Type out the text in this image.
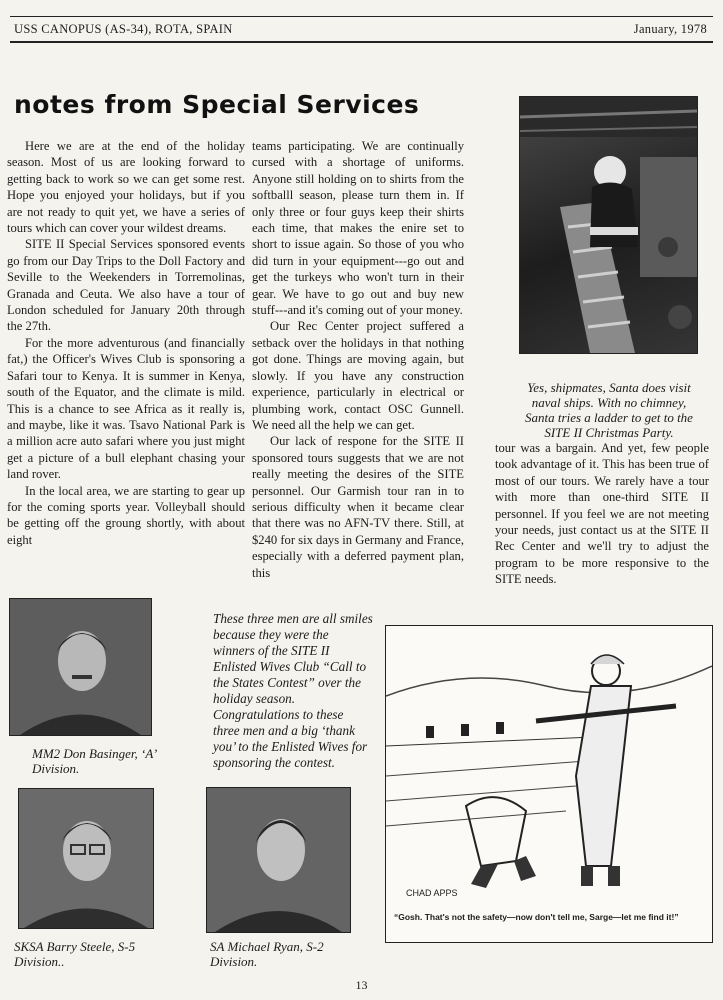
USS CANOPUS (AS-34), ROTA, SPAIN	January, 1978
notes from Special Services

Here we are at the end of the holiday season. Most of us are looking forward to getting back to work so we can get some rest. Hope you enjoyed your holidays, but if you are not ready to quit yet, we have a series of tours which can cover your wildest dreams.

SITE II Special Services sponsored events go from our Day Trips to the Doll Factory and Seville to the Weekenders in Torremolinas, Granada and Ceuta. We also have a tour of London scheduled for January 20th through the 27th.

For the more adventurous (and financially fat,) the Officer's Wives Club is sponsoring a Safari tour to Kenya. It is summer in Kenya, south of the Equator, and the climate is mild. This is a chance to see Africa as it really is, and maybe, like it was. Tsavo National Park is a million acre auto safari where you just might get a picture of a bull elephant chasing your land rover.

In the local area, we are starting to gear up for the coming sports year. Volleyball should be getting off the groung shortly, with about eight

teams participating. We are continually cursed with a shortage of uniforms. Anyone still holding on to shirts from the softballl season, please turn them in. If only three or four guys keep their shirts each time, that makes the enire set to short to issue again. So those of you who did turn in your equipment---go out and get the turkeys who won't turn in their gear. We have to go out and buy new stuff---and it's coming out of your money.

Our Rec Center project suffered a setback over the holidays in that nothing got done. Things are moving again, but slowly. If you have any construction experience, particularly in electrical or plumbing work, contact OSC Gunnell. We need all the help we can get.

Our lack of respone for the SITE II sponsored tours suggests that we are not really meeting the desires of the SITE personnel. Our Garmish tour ran in to serious difficulty when it became clear that there was no AFN-TV there. Still, at $240 for six days in Germany and France, especially with a deferred payment plan, this

Yes, shipmates, Santa does visit naval ships. With no chimney, Santa tries a ladder to get to the SITE II Christmas Party.

tour was a bargain. And yet, few people took advantage of it. This has been true of most of our tours. We rarely have a tour with more than one-third SITE II personnel. If you feel we are not meeting your needs, just contact us at the SITE II Rec Center and we'll try to adjust the program to be more responsive to the SITE needs.

MM2 Don Basinger, ‘A’ Division.
These three men are all smiles because they were the winners of the SITE II Enlisted Wives Club “Call to the States Contest” over the holiday season. Congratulations to these three men and a big ‘thank you’ to the Enlisted Wives for sponsoring the contest.
SKSA Barry Steele, S-5 Division..
SA Michael Ryan, S-2 Division.
CHAD APPS
“Gosh. That's not the safety—now don't tell me, Sarge—let me find it!”
13
